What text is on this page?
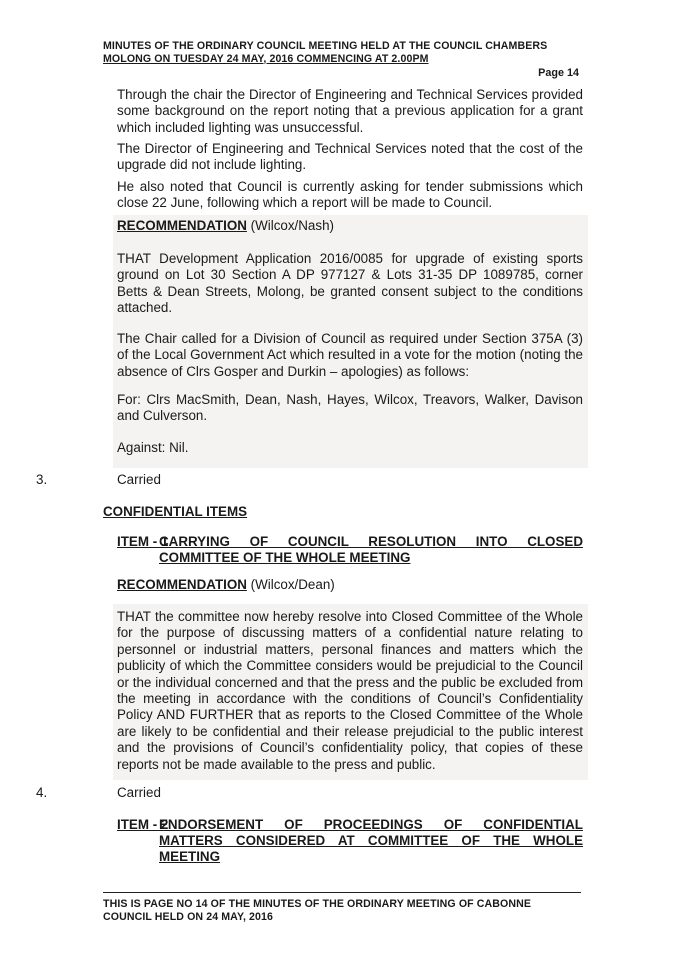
MINUTES OF THE ORDINARY COUNCIL MEETING HELD AT THE COUNCIL CHAMBERS
MOLONG ON TUESDAY 24 MAY, 2016 COMMENCING AT 2.00PM
Page 14
Through the chair the Director of Engineering and Technical Services provided some background on the report noting that a previous application for a grant which included lighting was unsuccessful.
The Director of Engineering and Technical Services noted that the cost of the upgrade did not include lighting.
He also noted that Council is currently asking for tender submissions which close 22 June, following which a report will be made to Council.
RECOMMENDATION (Wilcox/Nash)
THAT Development Application 2016/0085 for upgrade of existing sports ground on Lot 30 Section A DP 977127 & Lots 31-35 DP 1089785, corner Betts & Dean Streets, Molong, be granted consent subject to the conditions attached.
The Chair called for a Division of Council as required under Section 375A (3) of the Local Government Act which resulted in a vote for the motion (noting the absence of Clrs Gosper and Durkin – apologies) as follows:
For: Clrs MacSmith, Dean, Nash, Hayes, Wilcox, Treavors, Walker, Davison and Culverson.
Against: Nil.
3.	Carried
CONFIDENTIAL ITEMS
ITEM - 1
CARRYING OF COUNCIL RESOLUTION INTO CLOSED
COMMITTEE OF THE WHOLE MEETING
RECOMMENDATION (Wilcox/Dean)
THAT the committee now hereby resolve into Closed Committee of the Whole for the purpose of discussing matters of a confidential nature relating to personnel or industrial matters, personal finances and matters which the publicity of which the Committee considers would be prejudicial to the Council or the individual concerned and that the press and the public be excluded from the meeting in accordance with the conditions of Council’s Confidentiality Policy AND FURTHER that as reports to the Closed Committee of the Whole are likely to be confidential and their release prejudicial to the public interest and the provisions of Council’s confidentiality policy, that copies of these reports not be made available to the press and public.
4.	Carried
ITEM - 2
ENDORSEMENT OF PROCEEDINGS OF CONFIDENTIAL
MATTERS CONSIDERED AT COMMITTEE OF THE WHOLE
MEETING
THIS IS PAGE NO 14 OF THE MINUTES OF THE ORDINARY MEETING OF CABONNE
COUNCIL HELD ON 24 MAY, 2016
